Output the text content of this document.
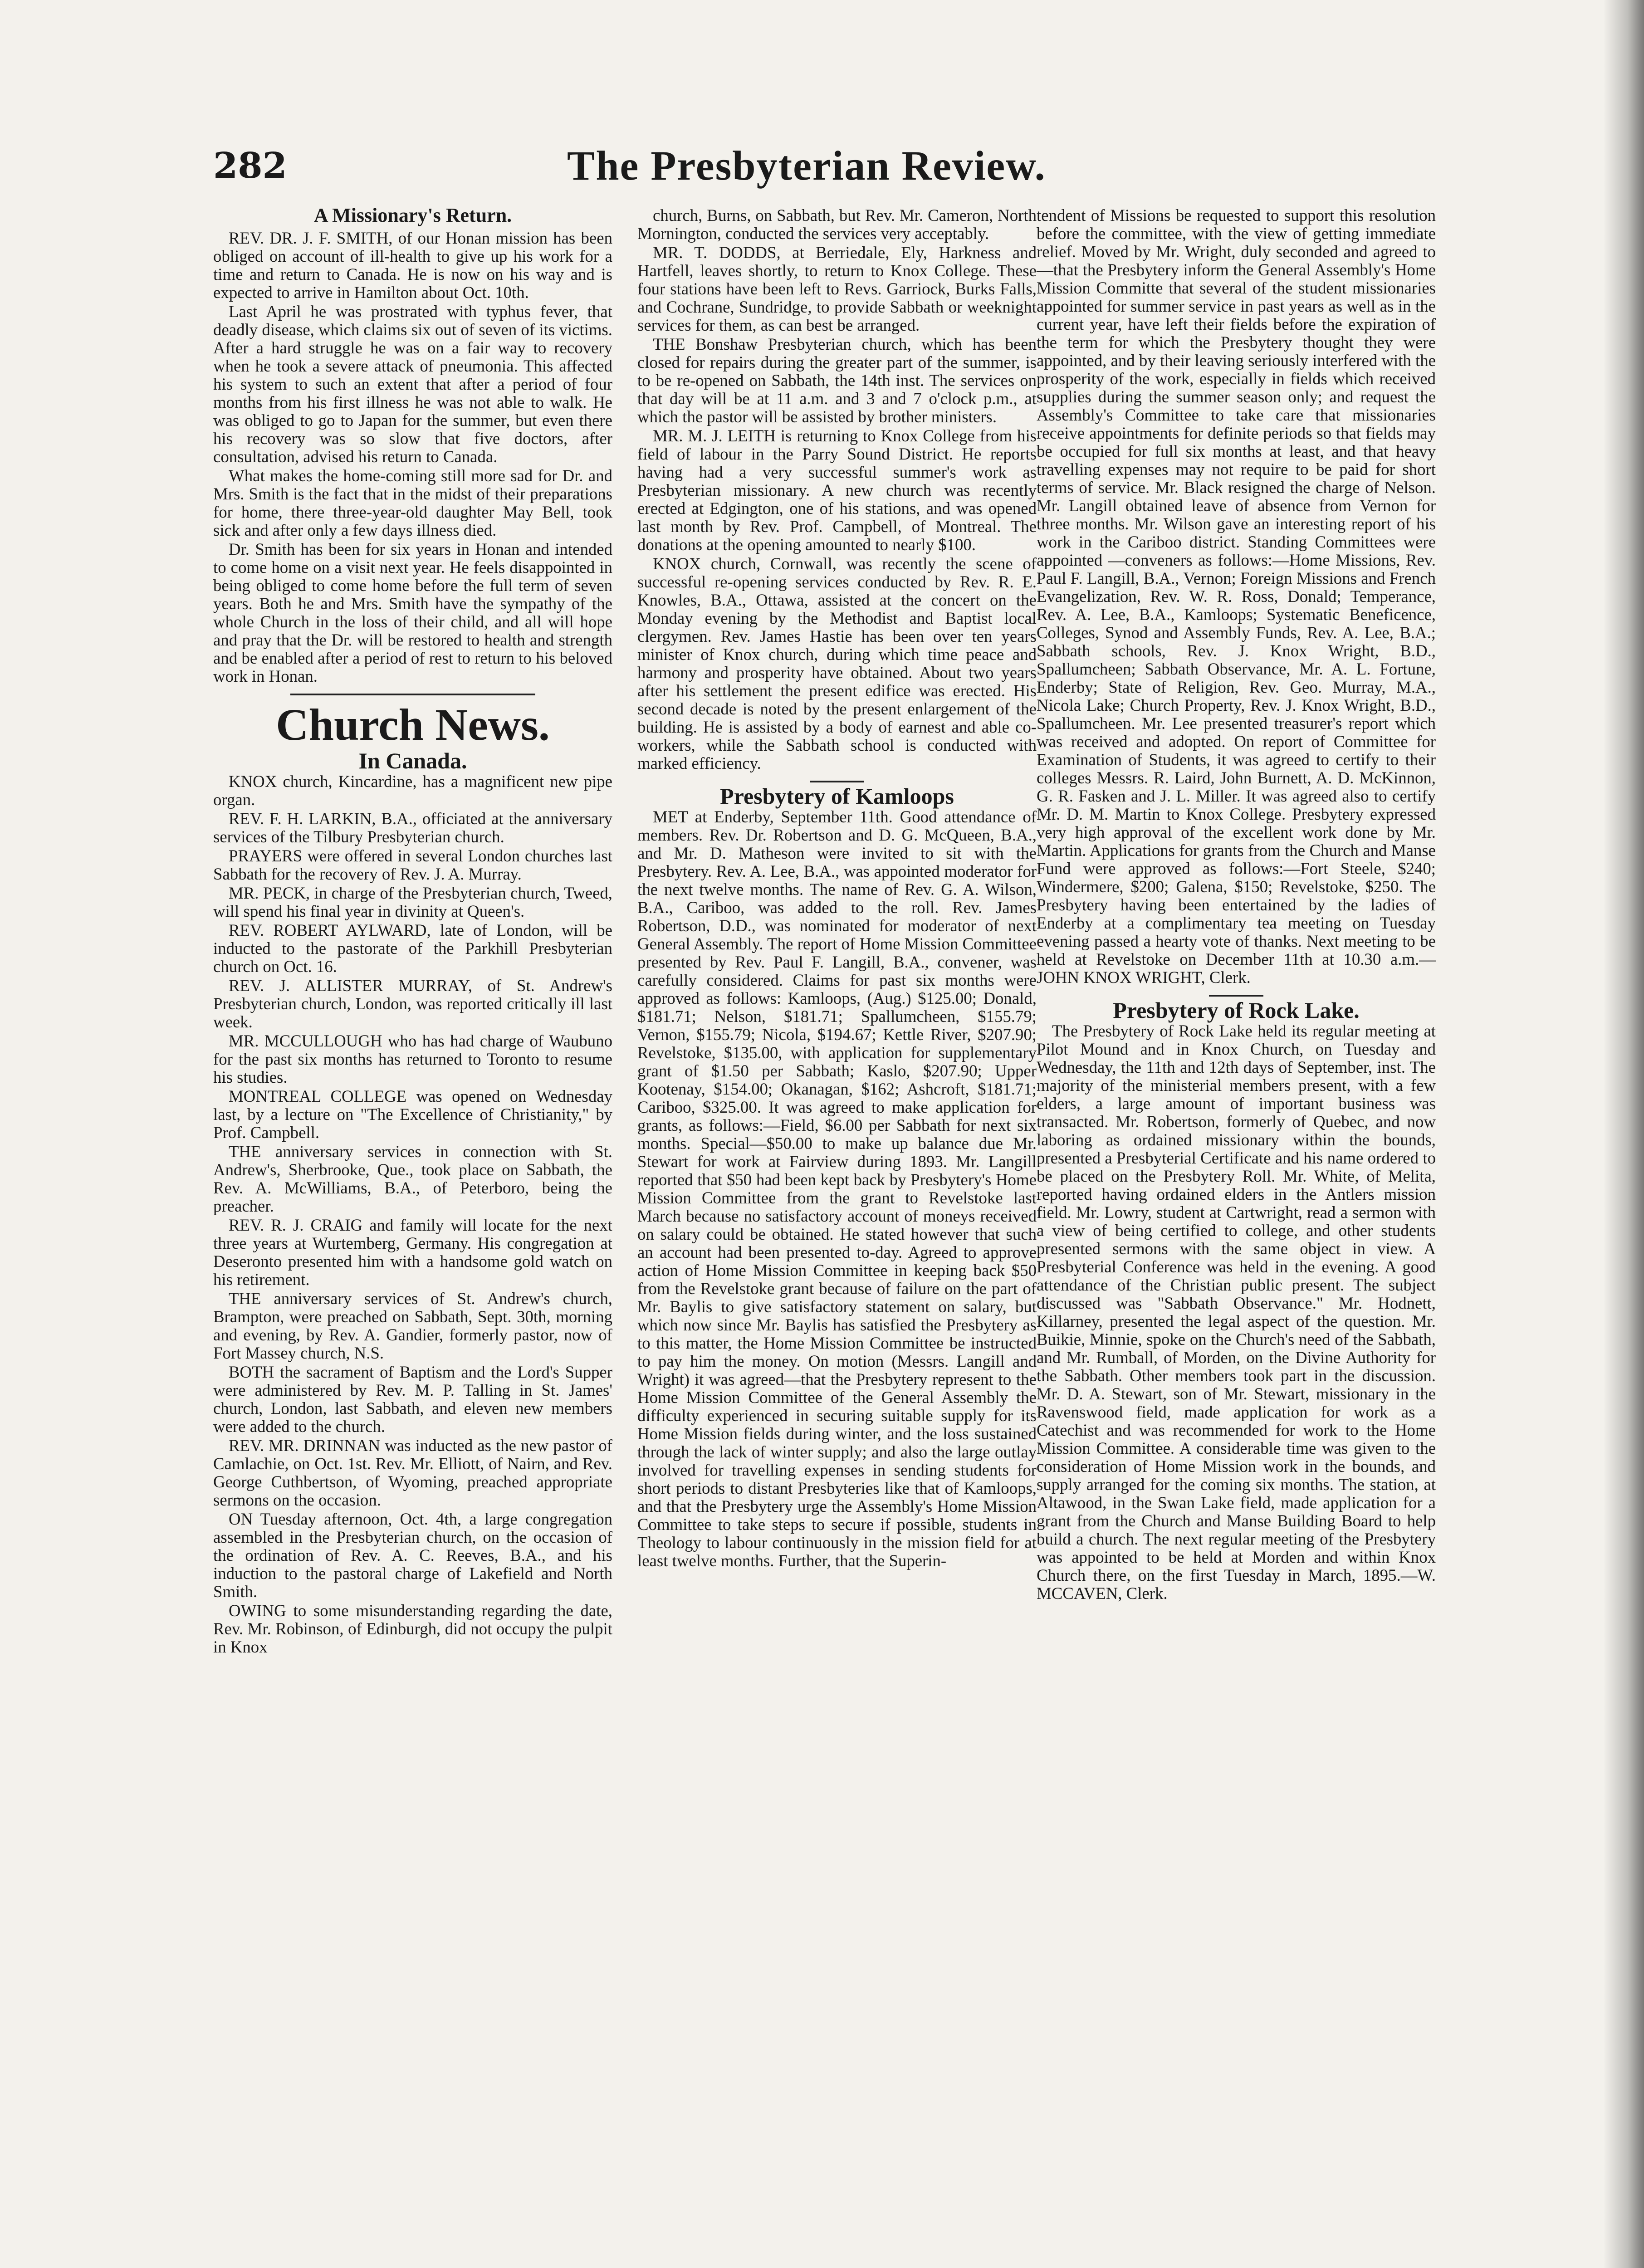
282	The Presbyterian Review.
A Missionary's Return.

REV. DR. J. F. SMITH, of our Honan mission has been obliged on account of ill-health to give up his work for a time and return to Canada. He is now on his way and is expected to arrive in Hamilton about Oct. 10th.

Last April he was prostrated with typhus fever, that deadly disease, which claims six out of seven of its victims. After a hard struggle he was on a fair way to recovery when he took a severe attack of pneumonia. This affected his system to such an extent that after a period of four months from his first illness he was not able to walk. He was obliged to go to Japan for the summer, but even there his recovery was so slow that five doctors, after consultation, advised his return to Canada.

What makes the home-coming still more sad for Dr. and Mrs. Smith is the fact that in the midst of their preparations for home, there three-year-old daughter May Bell, took sick and after only a few days illness died.

Dr. Smith has been for six years in Honan and intended to come home on a visit next year. He feels disappointed in being obliged to come home before the full term of seven years. Both he and Mrs. Smith have the sympathy of the whole Church in the loss of their child, and all will hope and pray that the Dr. will be restored to health and strength and be enabled after a period of rest to return to his beloved work in Honan.

Church News.
In Canada.

KNOX church, Kincardine, has a magnificent new pipe organ.

REV. F. H. LARKIN, B.A., officiated at the anniversary services of the Tilbury Presbyterian church.

PRAYERS were offered in several London churches last Sabbath for the recovery of Rev. J. A. Murray.

MR. PECK, in charge of the Presbyterian church, Tweed, will spend his final year in divinity at Queen's.

REV. ROBERT AYLWARD, late of London, will be inducted to the pastorate of the Parkhill Presbyterian church on Oct. 16.

REV. J. ALLISTER MURRAY, of St. Andrew's Presbyterian church, London, was reported critically ill last week.

MR. MCCULLOUGH who has had charge of Waubuno for the past six months has returned to Toronto to resume his studies.

MONTREAL COLLEGE was opened on Wednesday last, by a lecture on "The Excellence of Christianity," by Prof. Campbell.

THE anniversary services in connection with St. Andrew's, Sherbrooke, Que., took place on Sabbath, the Rev. A. McWilliams, B.A., of Peterboro, being the preacher.

REV. R. J. CRAIG and family will locate for the next three years at Wurtemberg, Germany. His congregation at Deseronto presented him with a handsome gold watch on his retirement.

THE anniversary services of St. Andrew's church, Brampton, were preached on Sabbath, Sept. 30th, morning and evening, by Rev. A. Gandier, formerly pastor, now of Fort Massey church, N.S.

BOTH the sacrament of Baptism and the Lord's Supper were administered by Rev. M. P. Talling in St. James' church, London, last Sabbath, and eleven new members were added to the church.

REV. MR. DRINNAN was inducted as the new pastor of Camlachie, on Oct. 1st. Rev. Mr. Elliott, of Nairn, and Rev. George Cuthbertson, of Wyoming, preached appropriate sermons on the occasion.

ON Tuesday afternoon, Oct. 4th, a large congregation assembled in the Presbyterian church, on the occasion of the ordination of Rev. A. C. Reeves, B.A., and his induction to the pastoral charge of Lakefield and North Smith.

OWING to some misunderstanding regarding the date, Rev. Mr. Robinson, of Edinburgh, did not occupy the pulpit in Knox

church, Burns, on Sabbath, but Rev. Mr. Cameron, North Mornington, conducted the services very acceptably.

MR. T. DODDS, at Berriedale, Ely, Harkness and Hartfell, leaves shortly, to return to Knox College. These four stations have been left to Revs. Garriock, Burks Falls, and Cochrane, Sundridge, to provide Sabbath or weeknight services for them, as can best be arranged.

THE Bonshaw Presbyterian church, which has been closed for repairs during the greater part of the summer, is to be re-opened on Sabbath, the 14th inst. The services on that day will be at 11 a.m. and 3 and 7 o'clock p.m., at which the pastor will be assisted by brother ministers.

MR. M. J. LEITH is returning to Knox College from his field of labour in the Parry Sound District. He reports having had a very successful summer's work as Presbyterian missionary. A new church was recently erected at Edgington, one of his stations, and was opened last month by Rev. Prof. Campbell, of Montreal. The donations at the opening amounted to nearly $100.

KNOX church, Cornwall, was recently the scene of successful re-opening services conducted by Rev. R. E. Knowles, B.A., Ottawa, assisted at the concert on the Monday evening by the Methodist and Baptist local clergymen. Rev. James Hastie has been over ten years minister of Knox church, during which time peace and harmony and prosperity have obtained. About two years after his settlement the present edifice was erected. His second decade is noted by the present enlargement of the building. He is assisted by a body of earnest and able co-workers, while the Sabbath school is conducted with marked efficiency.

Presbytery of Kamloops

MET at Enderby, September 11th. Good attendance of members. Rev. Dr. Robertson and D. G. McQueen, B.A., and Mr. D. Matheson were invited to sit with the Presbytery. Rev. A. Lee, B.A., was appointed moderator for the next twelve months. The name of Rev. G. A. Wilson, B.A., Cariboo, was added to the roll. Rev. James Robertson, D.D., was nominated for moderator of next General Assembly. The report of Home Mission Committee presented by Rev. Paul F. Langill, B.A., convener, was carefully considered. Claims for past six months were approved as follows: Kamloops, (Aug.) $125.00; Donald, $181.71; Nelson, $181.71; Spallumcheen, $155.79; Vernon, $155.79; Nicola, $194.67; Kettle River, $207.90; Revelstoke, $135.00, with application for supplementary grant of $1.50 per Sabbath; Kaslo, $207.90; Upper Kootenay, $154.00; Okanagan, $162; Ashcroft, $181.71; Cariboo, $325.00. It was agreed to make application for grants, as follows:—Field, $6.00 per Sabbath for next six months. Special—$50.00 to make up balance due Mr. Stewart for work at Fairview during 1893. Mr. Langill reported that $50 had been kept back by Presbytery's Home Mission Committee from the grant to Revelstoke last March because no satisfactory account of moneys received on salary could be obtained. He stated however that such an account had been presented to-day. Agreed to approve action of Home Mission Committee in keeping back $50 from the Revelstoke grant because of failure on the part of Mr. Baylis to give satisfactory statement on salary, but which now since Mr. Baylis has satisfied the Presbytery as to this matter, the Home Mission Committee be instructed to pay him the money. On motion (Messrs. Langill and Wright) it was agreed—that the Presbytery represent to the Home Mission Committee of the General Assembly the difficulty experienced in securing suitable supply for its Home Mission fields during winter, and the loss sustained through the lack of winter supply; and also the large outlay involved for travelling expenses in sending students for short periods to distant Presbyteries like that of Kamloops, and that the Presbytery urge the Assembly's Home Mission Committee to take steps to secure if possible, students in Theology to labour continuously in the mission field for at least twelve months. Further, that the Superin-

tendent of Missions be requested to support this resolution before the committee, with the view of getting immediate relief. Moved by Mr. Wright, duly seconded and agreed to—that the Presbytery inform the General Assembly's Home Mission Committe that several of the student missionaries appointed for summer service in past years as well as in the current year, have left their fields before the expiration of the term for which the Presbytery thought they were appointed, and by their leaving seriously interfered with the prosperity of the work, especially in fields which received supplies during the summer season only; and request the Assembly's Committee to take care that missionaries receive appointments for definite periods so that fields may be occupied for full six months at least, and that heavy travelling expenses may not require to be paid for short terms of service. Mr. Black resigned the charge of Nelson. Mr. Langill obtained leave of absence from Vernon for three months. Mr. Wilson gave an interesting report of his work in the Cariboo district. Standing Committees were appointed —conveners as follows:—Home Missions, Rev. Paul F. Langill, B.A., Vernon; Foreign Missions and French Evangelization, Rev. W. R. Ross, Donald; Temperance, Rev. A. Lee, B.A., Kamloops; Systematic Beneficence, Colleges, Synod and Assembly Funds, Rev. A. Lee, B.A.; Sabbath schools, Rev. J. Knox Wright, B.D., Spallumcheen; Sabbath Observance, Mr. A. L. Fortune, Enderby; State of Religion, Rev. Geo. Murray, M.A., Nicola Lake; Church Property, Rev. J. Knox Wright, B.D., Spallumcheen. Mr. Lee presented treasurer's report which was received and adopted. On report of Committee for Examination of Students, it was agreed to certify to their colleges Messrs. R. Laird, John Burnett, A. D. McKinnon, G. R. Fasken and J. L. Miller. It was agreed also to certify Mr. D. M. Martin to Knox College. Presbytery expressed very high approval of the excellent work done by Mr. Martin. Applications for grants from the Church and Manse Fund were approved as follows:—Fort Steele, $240; Windermere, $200; Galena, $150; Revelstoke, $250. The Presbytery having been entertained by the ladies of Enderby at a complimentary tea meeting on Tuesday evening passed a hearty vote of thanks. Next meeting to be held at Revelstoke on December 11th at 10.30 a.m.—JOHN KNOX WRIGHT, Clerk.

Presbytery of Rock Lake.

The Presbytery of Rock Lake held its regular meeting at Pilot Mound and in Knox Church, on Tuesday and Wednesday, the 11th and 12th days of September, inst. The majority of the ministerial members present, with a few elders, a large amount of important business was transacted. Mr. Robertson, formerly of Quebec, and now laboring as ordained missionary within the bounds, presented a Presbyterial Certificate and his name ordered to be placed on the Presbytery Roll. Mr. White, of Melita, reported having ordained elders in the Antlers mission field. Mr. Lowry, student at Cartwright, read a sermon with a view of being certified to college, and other students presented sermons with the same object in view. A Presbyterial Conference was held in the evening. A good attendance of the Christian public present. The subject discussed was "Sabbath Observance." Mr. Hodnett, Killarney, presented the legal aspect of the question. Mr. Buikie, Minnie, spoke on the Church's need of the Sabbath, and Mr. Rumball, of Morden, on the Divine Authority for the Sabbath. Other members took part in the discussion. Mr. D. A. Stewart, son of Mr. Stewart, missionary in the Ravenswood field, made application for work as a Catechist and was recommended for work to the Home Mission Committee. A considerable time was given to the consideration of Home Mission work in the bounds, and supply arranged for the coming six months. The station, at Altawood, in the Swan Lake field, made application for a grant from the Church and Manse Building Board to help build a church. The next regular meeting of the Presbytery was appointed to be held at Morden and within Knox Church there, on the first Tuesday in March, 1895.—W. MCCAVEN, Clerk.
